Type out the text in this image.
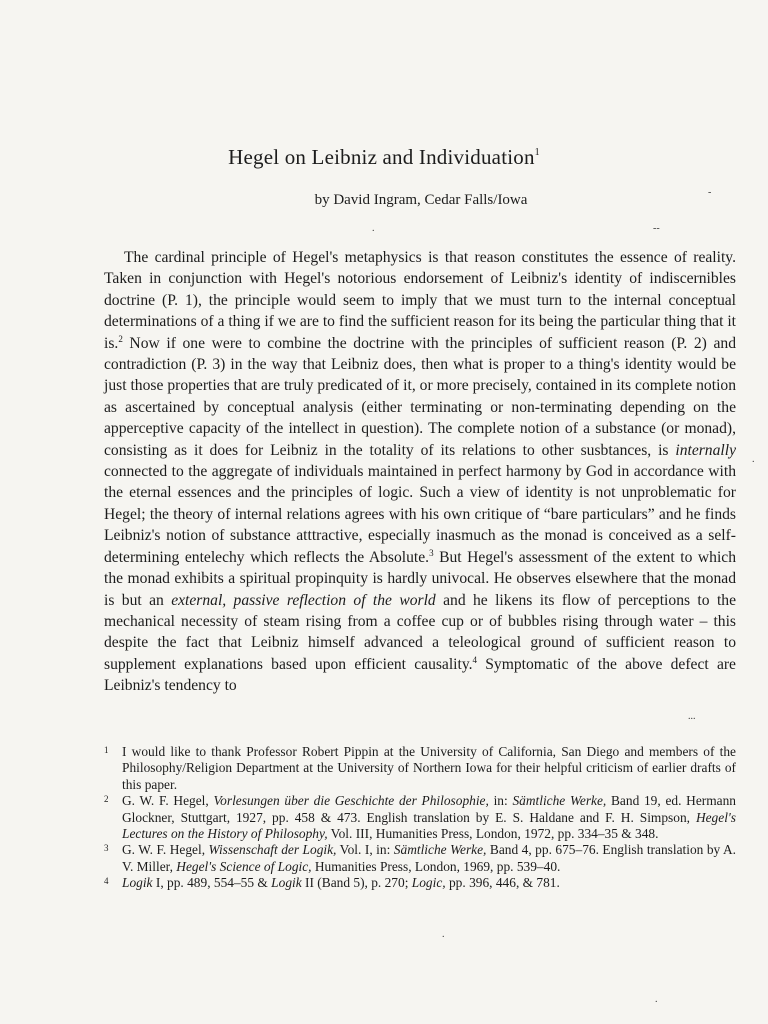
Hegel on Leibniz and Individuation$^1$
by David Ingram, Cedar Falls/Iowa

The cardinal principle of Hegel's metaphysics is that reason constitutes the essence of reality. Taken in conjunction with Hegel's notorious endorsement of Leibniz's identity of indiscernibles doctrine (P. 1), the principle would seem to imply that we must turn to the internal conceptual determinations of a thing if we are to find the sufficient reason for its being the particular thing that it is.$^2$ Now if one were to combine the doctrine with the principles of sufficient reason (P. 2) and contradiction (P. 3) in the way that Leibniz does, then what is proper to a thing's identity would be just those properties that are truly predicated of it, or more precisely, contained in its complete notion as ascertained by conceptual analysis (either terminating or non-terminating depending on the apperceptive capacity of the intellect in question). The complete notion of a substance (or monad), consisting as it does for Leibniz in the totality of its relations to other susbtances, is internally connected to the aggregate of individuals maintained in perfect harmony by God in accordance with the eternal essences and the principles of logic. Such a view of identity is not unproblematic for Hegel; the theory of internal relations agrees with his own critique of “bare particulars” and he finds Leibniz's notion of substance atttractive, especially inasmuch as the monad is conceived as a self-determining entelechy which reflects the Absolute.$^3$ But Hegel's assessment of the extent to which the monad exhibits a spiritual propinquity is hardly univocal. He observes elsewhere that the monad is but an external, passive reflection of the world and he likens its flow of perceptions to the mechanical necessity of steam rising from a coffee cup or of bubbles rising through water – this despite the fact that Leibniz himself advanced a teleological ground of sufficient reason to supplement explanations based upon efficient causality.$^4$ Symptomatic of the above defect are Leibniz's tendency to

1 I would like to thank Professor Robert Pippin at the University of California, San Diego and members of the Philosophy/Religion Department at the University of Northern Iowa for their helpful criticism of earlier drafts of this paper.

2 G. W. F. Hegel, Vorlesungen über die Geschichte der Philosophie, in: Sämtliche Werke, Band 19, ed. Hermann Glockner, Stuttgart, 1927, pp. 458 & 473. English translation by E. S. Haldane and F. H. Simpson, Hegel's Lectures on the History of Philosophy, Vol. III, Humanities Press, London, 1972, pp. 334–35 & 348.

3 G. W. F. Hegel, Wissenschaft der Logik, Vol. I, in: Sämtliche Werke, Band 4, pp. 675–76. English translation by A. V. Miller, Hegel's Science of Logic, Humanities Press, London, 1969, pp. 539–40.

4 Logik I, pp. 489, 554–55 & Logik II (Band 5), p. 270; Logic, pp. 396, 446, & 781.

-
--
.
...
.
.
.
